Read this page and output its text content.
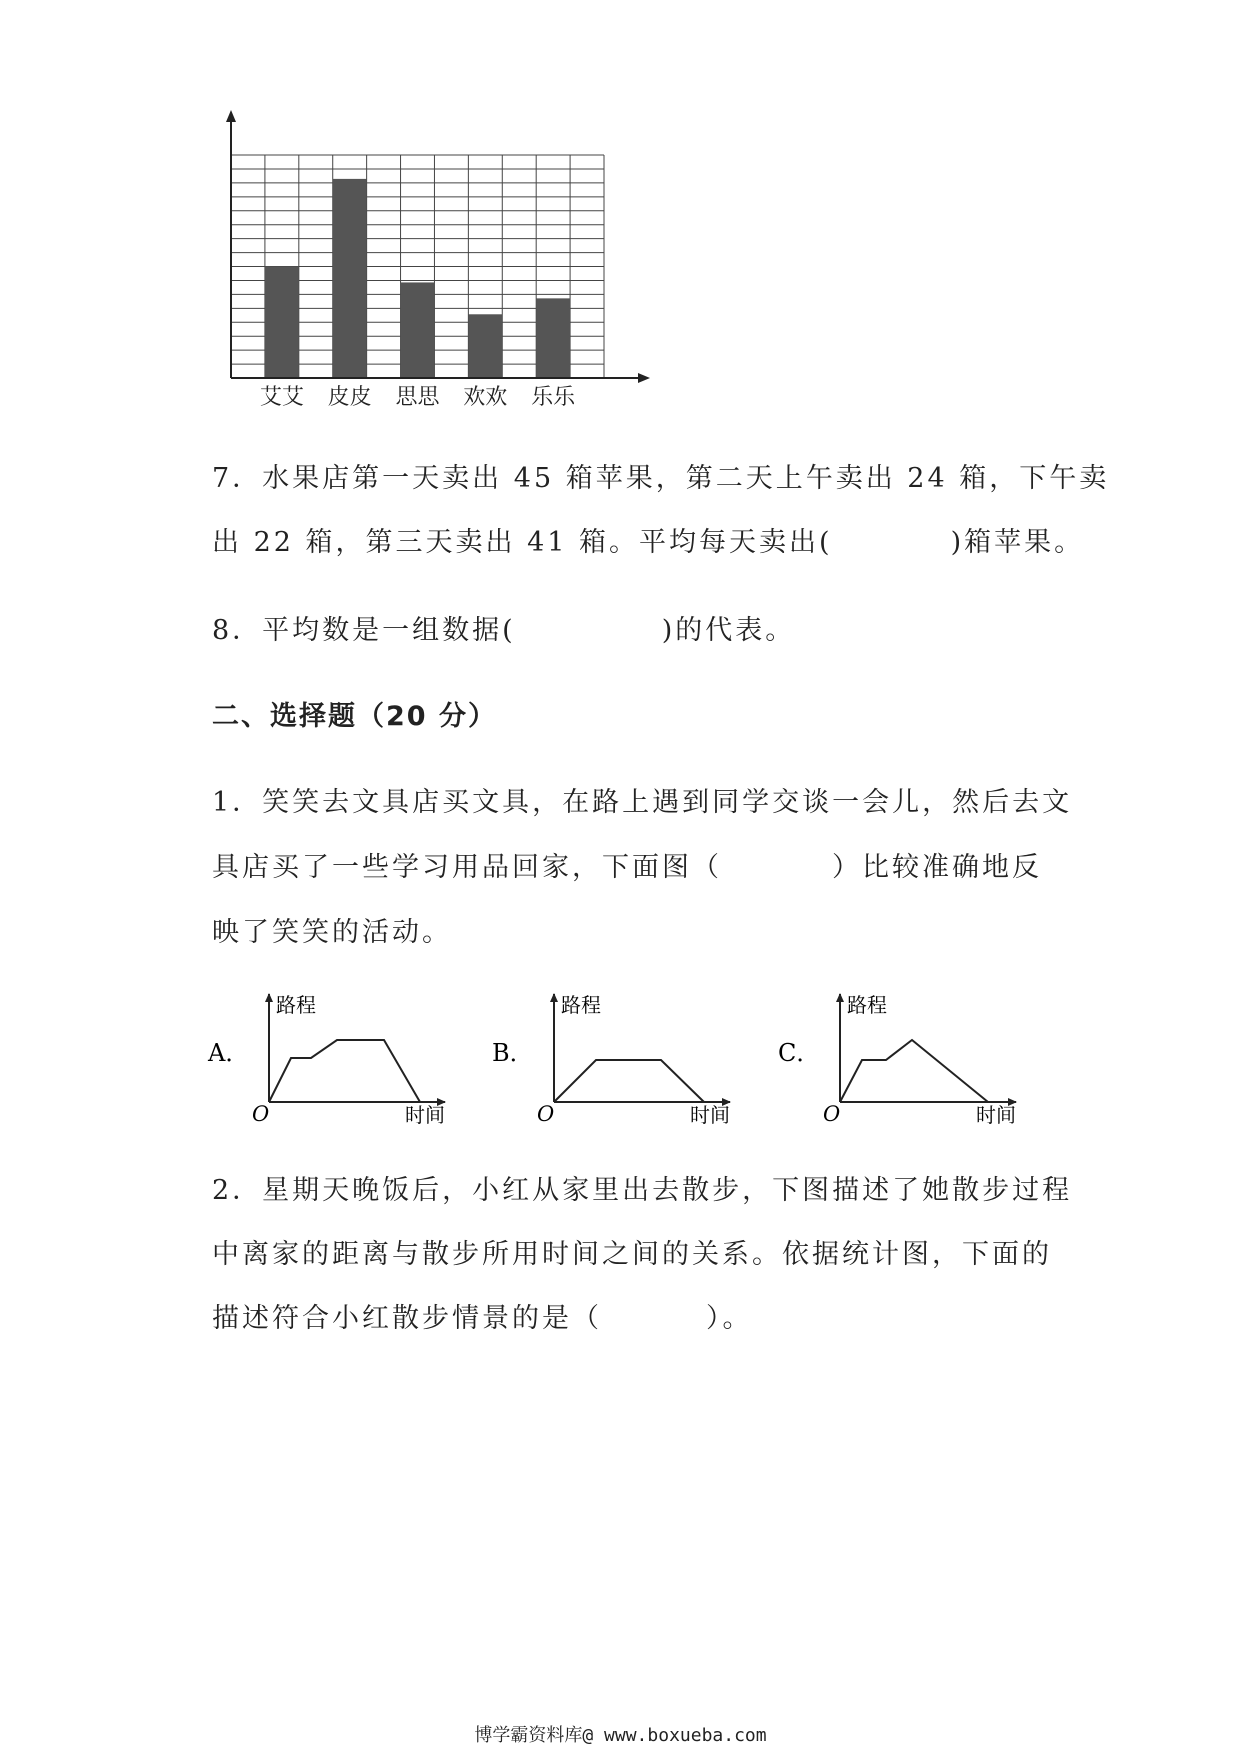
艾艾 皮皮 思思 欢欢 乐乐
7．水果店第一天卖出 45 箱苹果，第二天上午卖出 24 箱，下午卖
出 22 箱，第三天卖出 41 箱。平均每天卖出(	)箱苹果。
8．平均数是一组数据(	)的代表。
二、选择题（20 分）
1．笑笑去文具店买文具，在路上遇到同学交谈一会儿，然后去文
具店买了一些学习用品回家，下面图（	）比较准确地反
映了笑笑的活动。
A．
路程
时间
O
B．
路程
时间
O
C．
路程
时间
O
2．星期天晚饭后，小红从家里出去散步，下图描述了她散步过程
中离家的距离与散步所用时间之间的关系。依据统计图，下面的
描述符合小红散步情景的是（	）。
博学霸资料库@ www.boxueba.com
